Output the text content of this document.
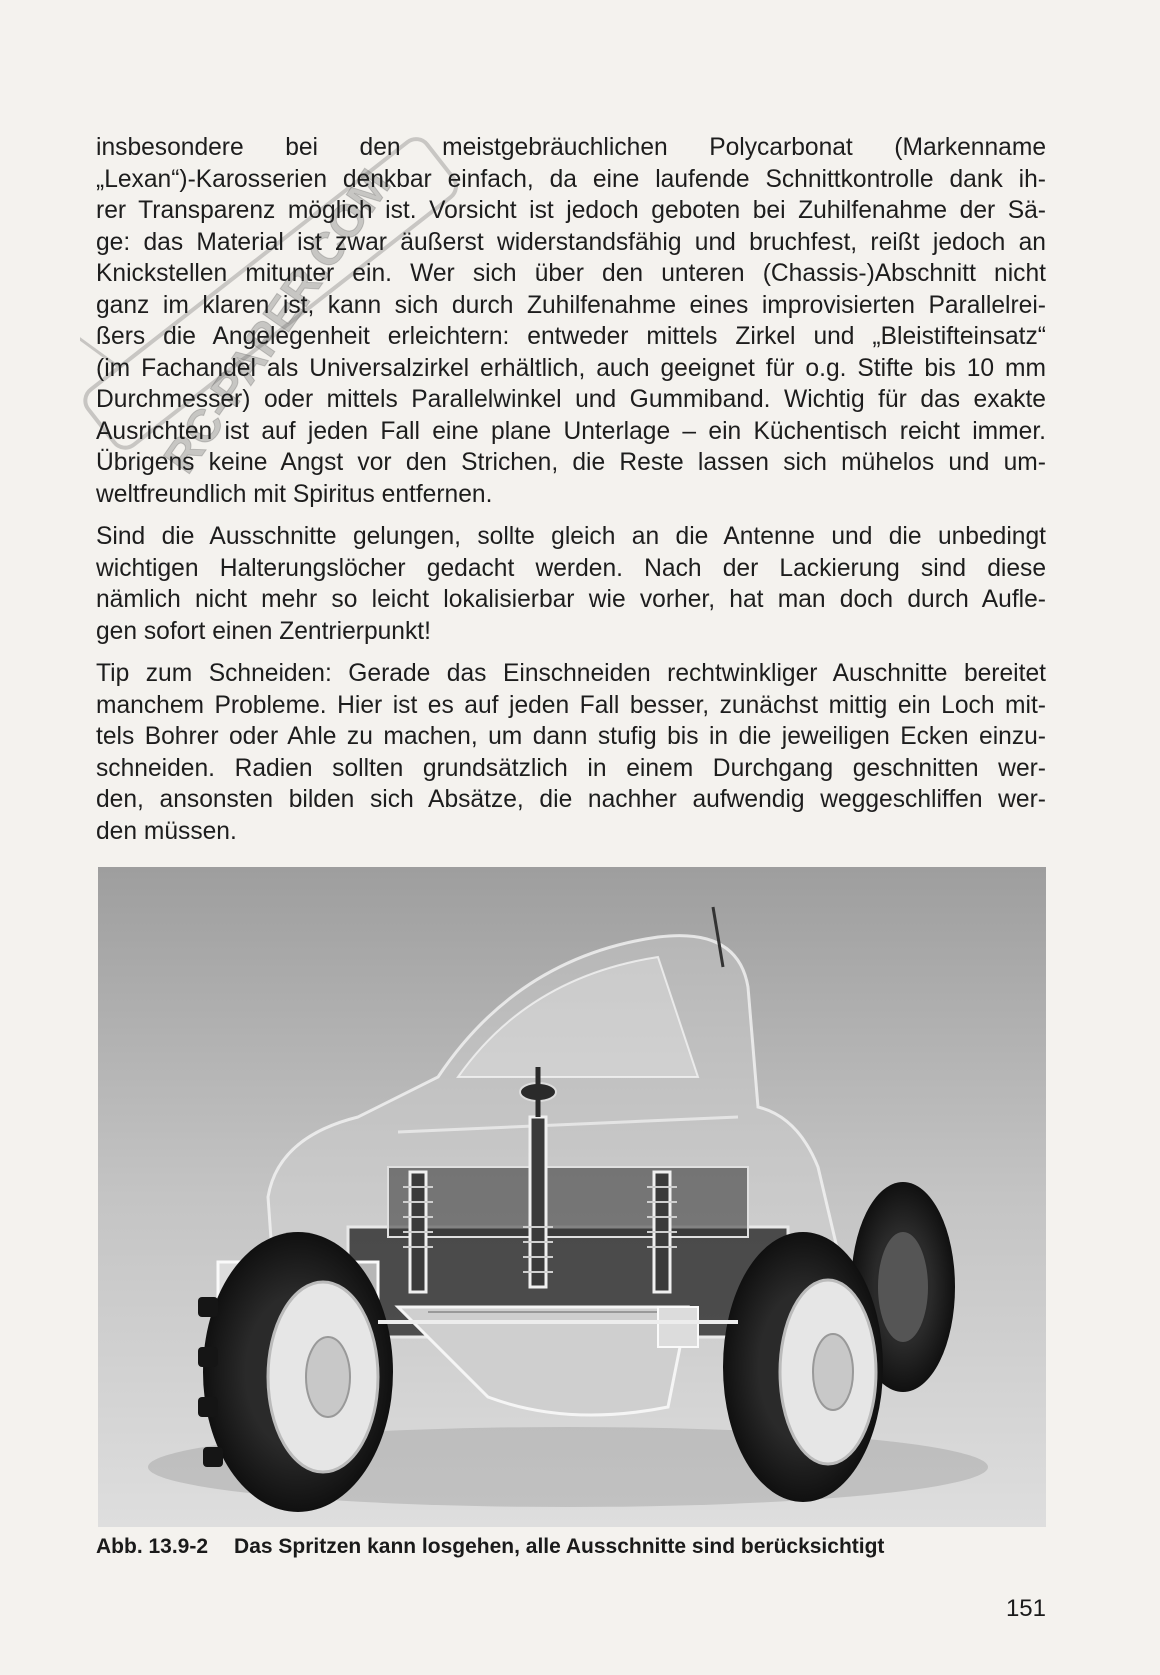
RC-PAPER.COM

insbesondere bei den meistgebräuchlichen Polycarbonat (Markenname
„Lexan“)-Karosserien denkbar einfach, da eine laufende Schnittkontrolle dank ih-
rer Transparenz möglich ist. Vorsicht ist jedoch geboten bei Zuhilfenahme der Sä-
ge: das Material ist zwar äußerst widerstandsfähig und bruchfest, reißt jedoch an
Knickstellen mitunter ein. Wer sich über den unteren (Chassis-)Abschnitt nicht
ganz im klaren ist, kann sich durch Zuhilfenahme eines improvisierten Parallelrei-
ßers die Angelegenheit erleichtern: entweder mittels Zirkel und „Bleistifteinsatz“
(im Fachandel als Universalzirkel erhältlich, auch geeignet für o.g. Stifte bis 10 mm
Durchmesser) oder mittels Parallelwinkel und Gummiband. Wichtig für das exakte
Ausrichten ist auf jeden Fall eine plane Unterlage – ein Küchentisch reicht immer.
Übrigens keine Angst vor den Strichen, die Reste lassen sich mühelos und um-
weltfreundlich mit Spiritus entfernen.

Sind die Ausschnitte gelungen, sollte gleich an die Antenne und die unbedingt
wichtigen Halterungslöcher gedacht werden. Nach der Lackierung sind diese
nämlich nicht mehr so leicht lokalisierbar wie vorher, hat man doch durch Aufle-
gen sofort einen Zentrierpunkt!

Tip zum Schneiden: Gerade das Einschneiden rechtwinkliger Auschnitte bereitet
manchem Probleme. Hier ist es auf jeden Fall besser, zunächst mittig ein Loch mit-
tels Bohrer oder Ahle zu machen, um dann stufig bis in die jeweiligen Ecken einzu-
schneiden. Radien sollten grundsätzlich in einem Durchgang geschnitten wer-
den, ansonsten bilden sich Absätze, die nachher aufwendig weggeschliffen wer-
den müssen.

Abb. 13.9-2 Das Spritzen kann losgehen, alle Ausschnitte sind berücksichtigt
151
